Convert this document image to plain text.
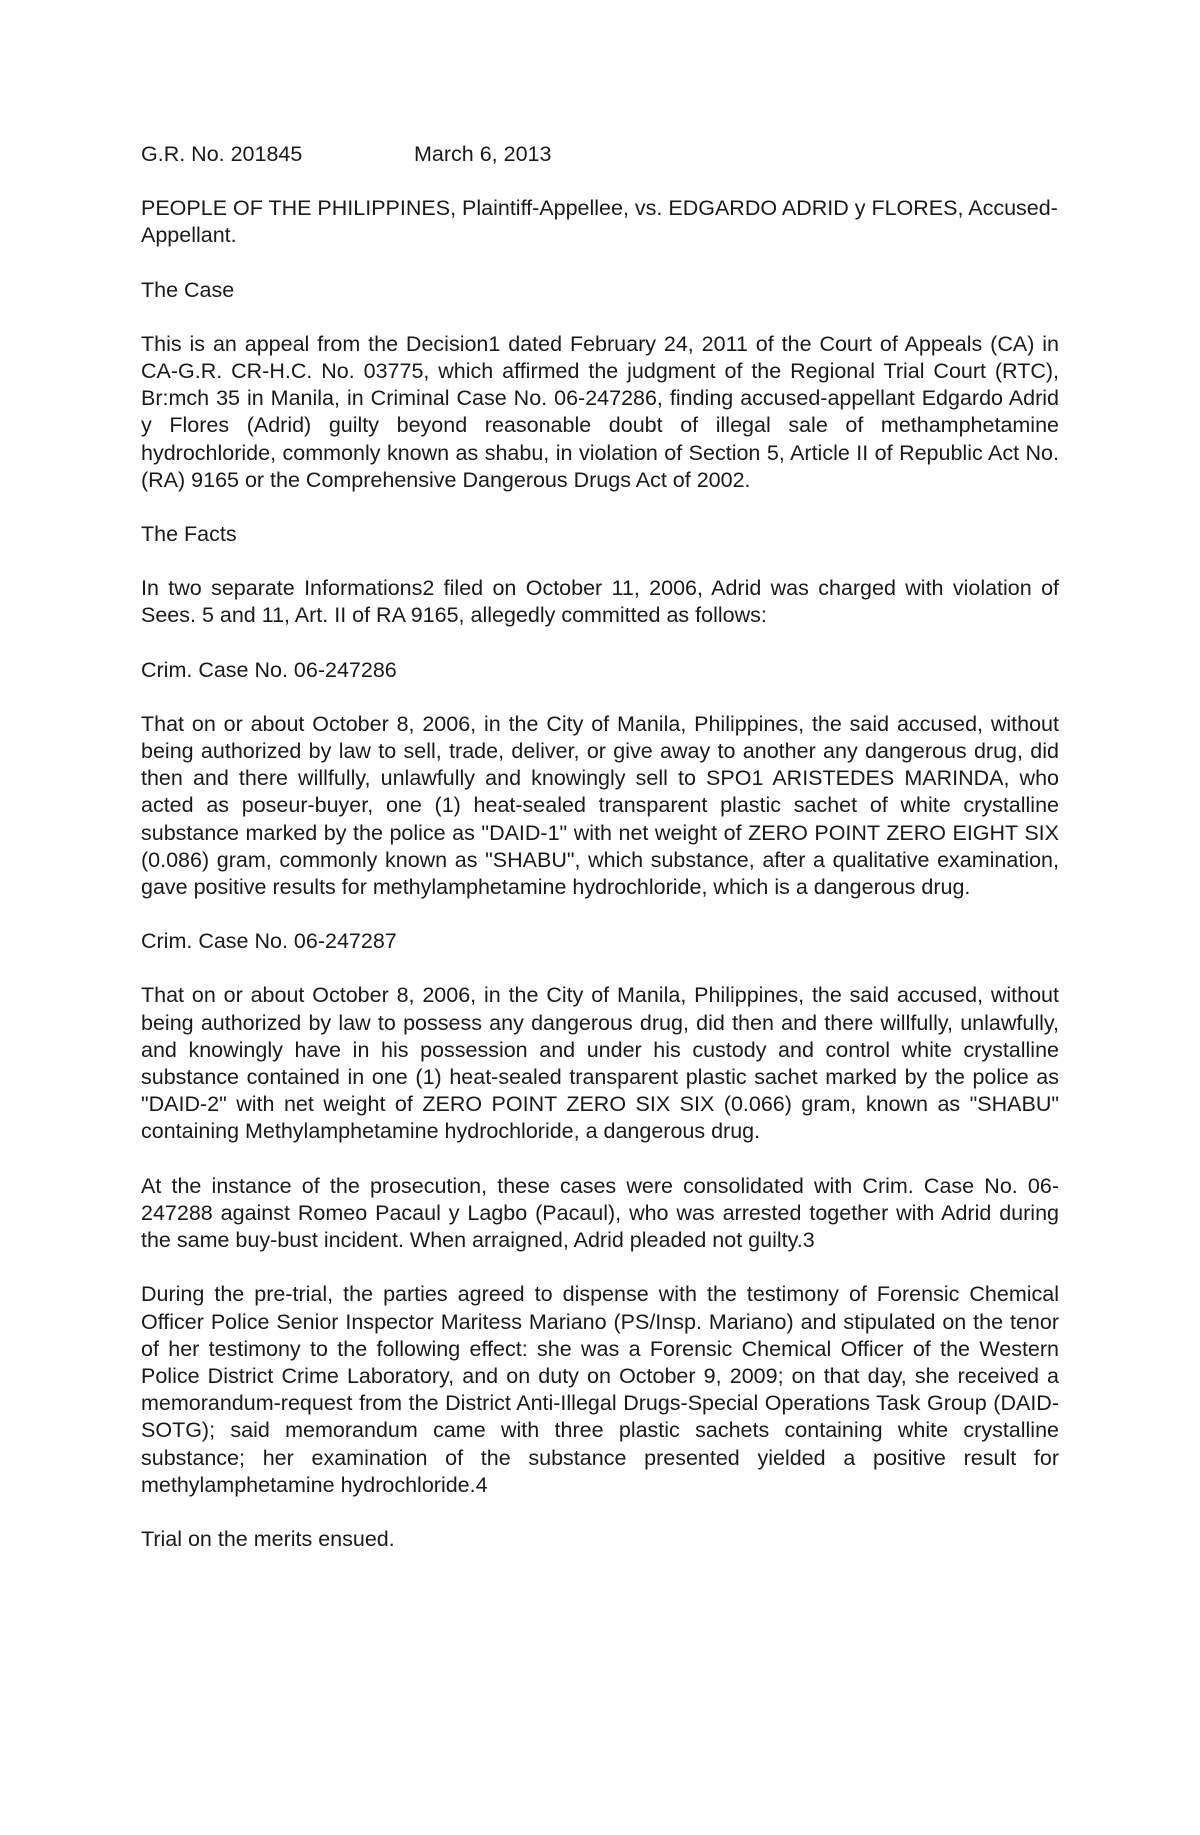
G.R. No. 201845	March 6, 2013
PEOPLE OF THE PHILIPPINES, Plaintiff-Appellee, vs. EDGARDO ADRID y FLORES, Accused-Appellant.
The Case
This is an appeal from the Decision1 dated February 24, 2011 of the Court of Appeals (CA) in CA-G.R. CR-H.C. No. 03775, which affirmed the judgment of the Regional Trial Court (RTC), Br:mch 35 in Manila, in Criminal Case No. 06-247286, finding accused-appellant Edgardo Adrid y Flores (Adrid) guilty beyond reasonable doubt of illegal sale of methamphetamine hydrochloride, commonly known as shabu, in violation of Section 5, Article II of Republic Act No. (RA) 9165 or the Comprehensive Dangerous Drugs Act of 2002.
The Facts
In two separate Informations2 filed on October 11, 2006, Adrid was charged with violation of Sees. 5 and 11, Art. II of RA 9165, allegedly committed as follows:
Crim. Case No. 06-247286
That on or about October 8, 2006, in the City of Manila, Philippines, the said accused, without being authorized by law to sell, trade, deliver, or give away to another any dangerous drug, did then and there willfully, unlawfully and knowingly sell to SPO1 ARISTEDES MARINDA, who acted as poseur-buyer, one (1) heat-sealed transparent plastic sachet of white crystalline substance marked by the police as "DAID-1" with net weight of ZERO POINT ZERO EIGHT SIX (0.086) gram, commonly known as "SHABU", which substance, after a qualitative examination, gave positive results for methylamphetamine hydrochloride, which is a dangerous drug.
Crim. Case No. 06-247287
That on or about October 8, 2006, in the City of Manila, Philippines, the said accused, without being authorized by law to possess any dangerous drug, did then and there willfully, unlawfully, and knowingly have in his possession and under his custody and control white crystalline substance contained in one (1) heat-sealed transparent plastic sachet marked by the police as "DAID-2" with net weight of ZERO POINT ZERO SIX SIX (0.066) gram, known as "SHABU" containing Methylamphetamine hydrochloride, a dangerous drug.
At the instance of the prosecution, these cases were consolidated with Crim. Case No. 06-247288 against Romeo Pacaul y Lagbo (Pacaul), who was arrested together with Adrid during the same buy-bust incident. When arraigned, Adrid pleaded not guilty.3
During the pre-trial, the parties agreed to dispense with the testimony of Forensic Chemical Officer Police Senior Inspector Maritess Mariano (PS/Insp. Mariano) and stipulated on the tenor of her testimony to the following effect: she was a Forensic Chemical Officer of the Western Police District Crime Laboratory, and on duty on October 9, 2009; on that day, she received a memorandum-request from the District Anti-Illegal Drugs-Special Operations Task Group (DAID-SOTG); said memorandum came with three plastic sachets containing white crystalline substance; her examination of the substance presented yielded a positive result for methylamphetamine hydrochloride.4
Trial on the merits ensued.
